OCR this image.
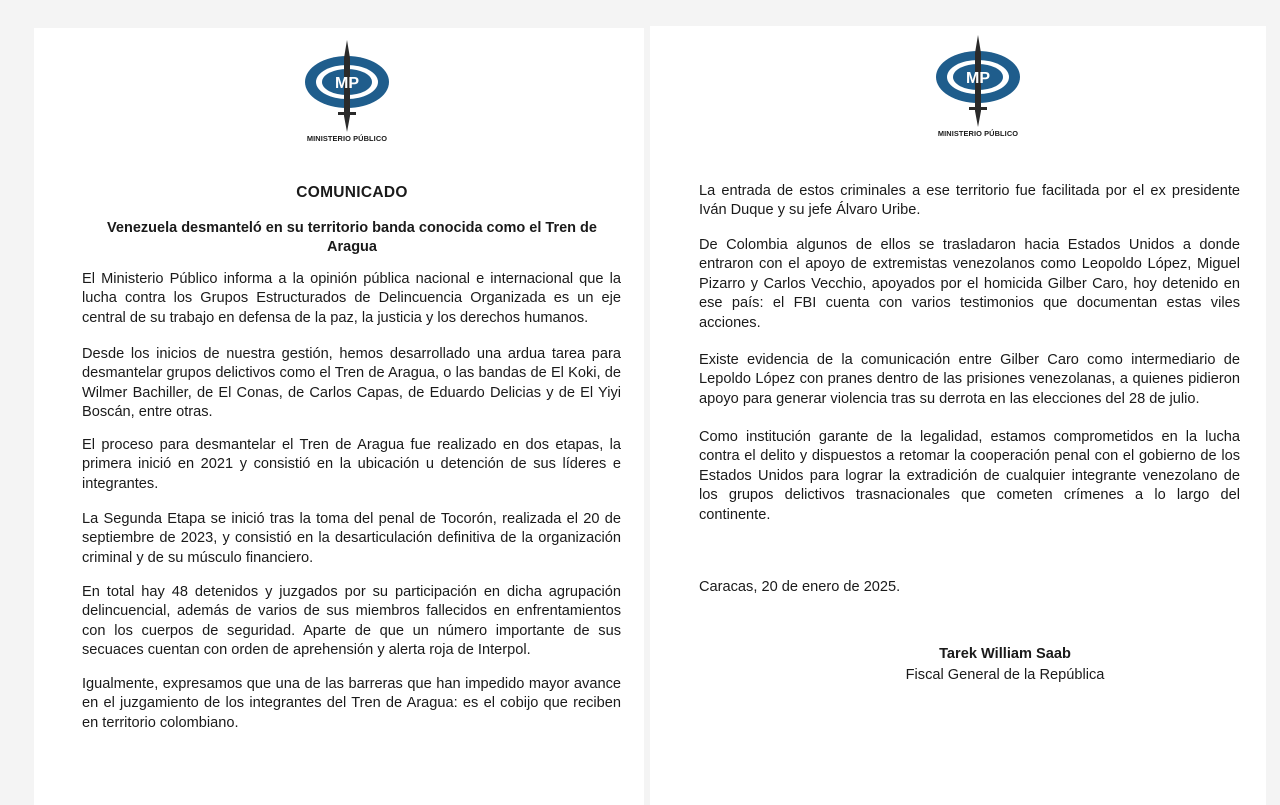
MP
MINISTERIO PÚBLICO
COMUNICADO
Venezuela desmanteló en su territorio banda conocida como el Tren de Aragua

El Ministerio Público informa a la opinión pública nacional e internacional que la lucha contra los Grupos Estructurados de Delincuencia Organizada es un eje central de su trabajo en defensa de la paz, la justicia y los derechos humanos.

Desde los inicios de nuestra gestión, hemos desarrollado una ardua tarea para desmantelar grupos delictivos como el Tren de Aragua, o las bandas de El Koki, de Wilmer Bachiller, de El Conas, de Carlos Capas, de Eduardo Delicias y de El Yiyi Boscán, entre otras.

El proceso para desmantelar el Tren de Aragua fue realizado en dos etapas, la primera inició en 2021 y consistió en la ubicación u detención de sus líderes e integrantes.

La Segunda Etapa se inició tras la toma del penal de Tocorón, realizada el 20 de septiembre de 2023, y consistió en la desarticulación definitiva de la organización criminal y de su músculo financiero.

En total hay 48 detenidos y juzgados por su participación en dicha agrupación delincuencial, además de varios de sus miembros fallecidos en enfrentamientos con los cuerpos de seguridad. Aparte de que un número importante de sus secuaces cuentan con orden de aprehensión y alerta roja de Interpol.

Igualmente, expresamos que una de las barreras que han impedido mayor avance en el juzgamiento de los integrantes del Tren de Aragua: es el cobijo que reciben en territorio colombiano.

MP
MINISTERIO PÚBLICO

La entrada de estos criminales a ese territorio fue facilitada por el ex presidente Iván Duque y su jefe Álvaro Uribe.

De Colombia algunos de ellos se trasladaron hacia Estados Unidos a donde entraron con el apoyo de extremistas venezolanos como Leopoldo López, Miguel Pizarro y Carlos Vecchio, apoyados por el homicida Gilber Caro, hoy detenido en ese país: el FBI cuenta con varios testimonios que documentan estas viles acciones.

Existe evidencia de la comunicación entre Gilber Caro como intermediario de Lepoldo López con pranes dentro de las prisiones venezolanas, a quienes pidieron apoyo para generar violencia tras su derrota en las elecciones del 28 de julio.

Como institución garante de la legalidad, estamos comprometidos en la lucha contra el delito y dispuestos a retomar la cooperación penal con el gobierno de los Estados Unidos para lograr la extradición de cualquier integrante venezolano de los grupos delictivos trasnacionales que cometen crímenes a lo largo del continente.

Caracas, 20 de enero de 2025.
Tarek William Saab
Fiscal General de la República
